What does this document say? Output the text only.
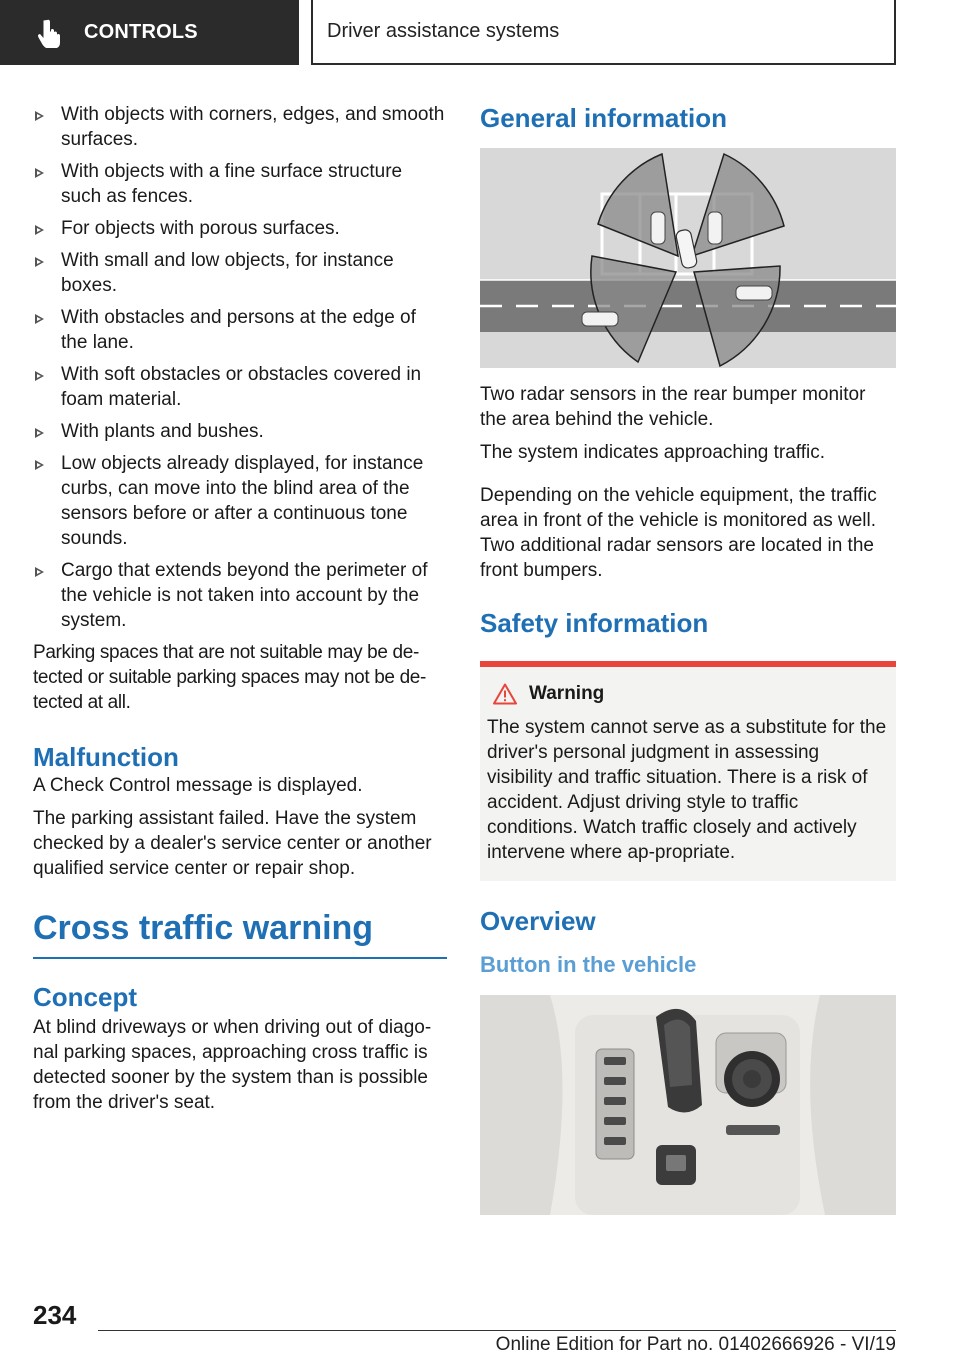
CONTROLS	Driver assistance systems
With objects with corners, edges, and smooth surfaces.
With objects with a fine surface structure such as fences.
For objects with porous surfaces.
With small and low objects, for instance boxes.
With obstacles and persons at the edge of the lane.
With soft obstacles or obstacles covered in foam material.
With plants and bushes.
Low objects already displayed, for instance curbs, can move into the blind area of the sensors before or after a continuous tone sounds.
Cargo that extends beyond the perimeter of the vehicle is not taken into account by the system.

Parking spaces that are not suitable may be de-tected or suitable parking spaces may not be de-tected at all.

Malfunction

A Check Control message is displayed.

The parking assistant failed. Have the system checked by a dealer's service center or another qualified service center or repair shop.

Cross traffic warning
Concept

At blind driveways or when driving out of diago-nal parking spaces, approaching cross traffic is detected sooner by the system than is possible from the driver's seat.

General information

Two radar sensors in the rear bumper monitor the area behind the vehicle.

The system indicates approaching traffic.

Depending on the vehicle equipment, the traffic area in front of the vehicle is monitored as well. Two additional radar sensors are located in the front bumpers.

Safety information
Warning

The system cannot serve as a substitute for the driver's personal judgment in assessing visibility and traffic situation. There is a risk of accident. Adjust driving style to traffic conditions. Watch traffic closely and actively intervene where ap-propriate.

Overview
Button in the vehicle
234
Online Edition for Part no. 01402666926 - VI/19
